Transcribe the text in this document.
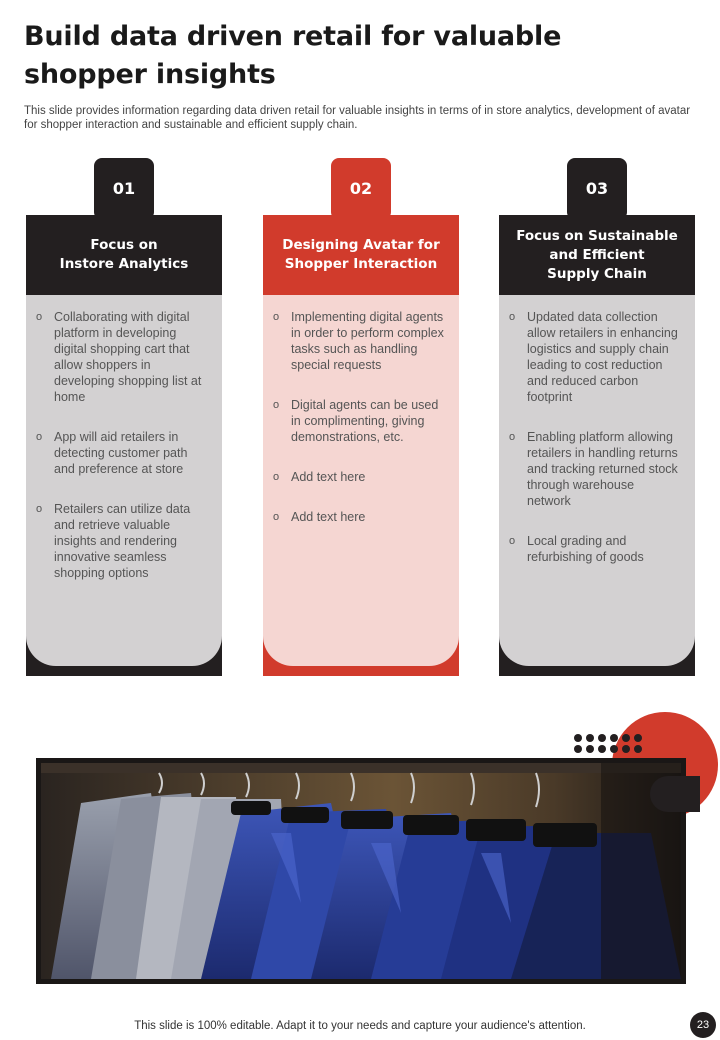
Build data driven retail for valuable shopper insights
This slide provides information regarding data driven retail for valuable insights in terms of in store analytics, development of avatar for shopper interaction and sustainable and efficient supply chain.
01
Focus on
Instore Analytics
o Collaborating with digital platform in developing digital shopping cart that allow shoppers in developing shopping list at home
o App will aid retailers in detecting customer path and preference at store
o Retailers can utilize data and retrieve valuable insights and rendering innovative seamless shopping options
02
Designing Avatar for
Shopper Interaction
o Implementing digital agents in order to perform complex tasks such as handling special requests
o Digital agents can be used in complimenting, giving demonstrations, etc.
o Add text here
o Add text here
03
Focus on Sustainable
and Efficient
Supply Chain
o Updated data collection allow retailers in enhancing logistics and supply chain leading to cost reduction and reduced carbon footprint
o Enabling platform allowing retailers in handling returns and tracking returned stock through warehouse network
o Local grading and refurbishing of goods
This slide is 100% editable. Adapt it to your needs and capture your audience's attention.	23
